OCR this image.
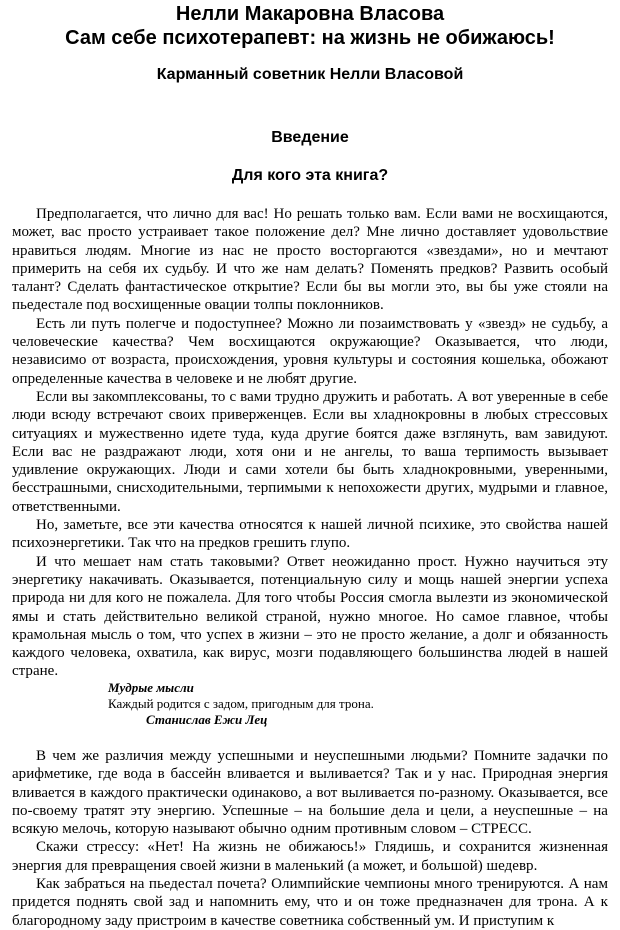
Нелли Макаровна Власова
Сам себе психотерапевт: на жизнь не обижаюсь!
Карманный советник Нелли Власовой
Введение
Для кого эта книга?

Предполагается, что лично для вас! Но решать только вам. Если вами не восхищаются, может, вас просто устраивает такое положение дел? Мне лично доставляет удовольствие нравиться людям. Многие из нас не просто восторгаются «звездами», но и мечтают примерить на себя их судьбу. И что же нам делать? Поменять предков? Развить особый талант? Сделать фантастическое открытие? Если бы вы могли это, вы бы уже стояли на пьедестале под восхищенные овации толпы поклонников.

Есть ли путь полегче и подоступнее? Можно ли позаимствовать у «звезд» не судьбу, а человеческие качества? Чем восхищаются окружающие? Оказывается, что люди, независимо от возраста, происхождения, уровня культуры и состояния кошелька, обожают определенные качества в человеке и не любят другие.

Если вы закомплексованы, то с вами трудно дружить и работать. А вот уверенные в себе люди всюду встречают своих приверженцев. Если вы хладнокровны в любых стрессовых ситуациях и мужественно идете туда, куда другие боятся даже взглянуть, вам завидуют. Если вас не раздражают люди, хотя они и не ангелы, то ваша терпимость вызывает удивление окружающих. Люди и сами хотели бы быть хладнокровными, уверенными, бесстрашными, снисходительными, терпимыми к непохожести других, мудрыми и главное, ответственными.

Но, заметьте, все эти качества относятся к нашей личной психике, это свойства нашей психоэнергетики. Так что на предков грешить глупо.

И что мешает нам стать таковыми? Ответ неожиданно прост. Нужно научиться эту энергетику накачивать. Оказывается, потенциальную силу и мощь нашей энергии успеха природа ни для кого не пожалела. Для того чтобы Россия смогла вылезти из экономической ямы и стать действительно великой страной, нужно многое. Но самое главное, чтобы крамольная мысль о том, что успех в жизни – это не просто желание, а долг и обязанность каждого человека, охватила, как вирус, мозги подавляющего большинства людей в нашей стране.

Мудрые мысли
Каждый родится с задом, пригодным для трона.
Станислав Ежи Лец

В чем же различия между успешными и неуспешными людьми? Помните задачки по арифметике, где вода в бассейн вливается и выливается? Так и у нас. Природная энергия вливается в каждого практически одинаково, а вот выливается по-разному. Оказывается, все по-своему тратят эту энергию. Успешные – на большие дела и цели, а неуспешные – на всякую мелочь, которую называют обычно одним противным словом – СТРЕСС.

Скажи стрессу: «Нет! На жизнь не обижаюсь!» Глядишь, и сохранится жизненная энергия для превращения своей жизни в маленький (а может, и большой) шедевр.

Как забраться на пьедестал почета? Олимпийские чемпионы много тренируются. А нам придется поднять свой зад и напомнить ему, что и он тоже предназначен для трона. А к благородному заду пристроим в качестве советника собственный ум. И приступим к
